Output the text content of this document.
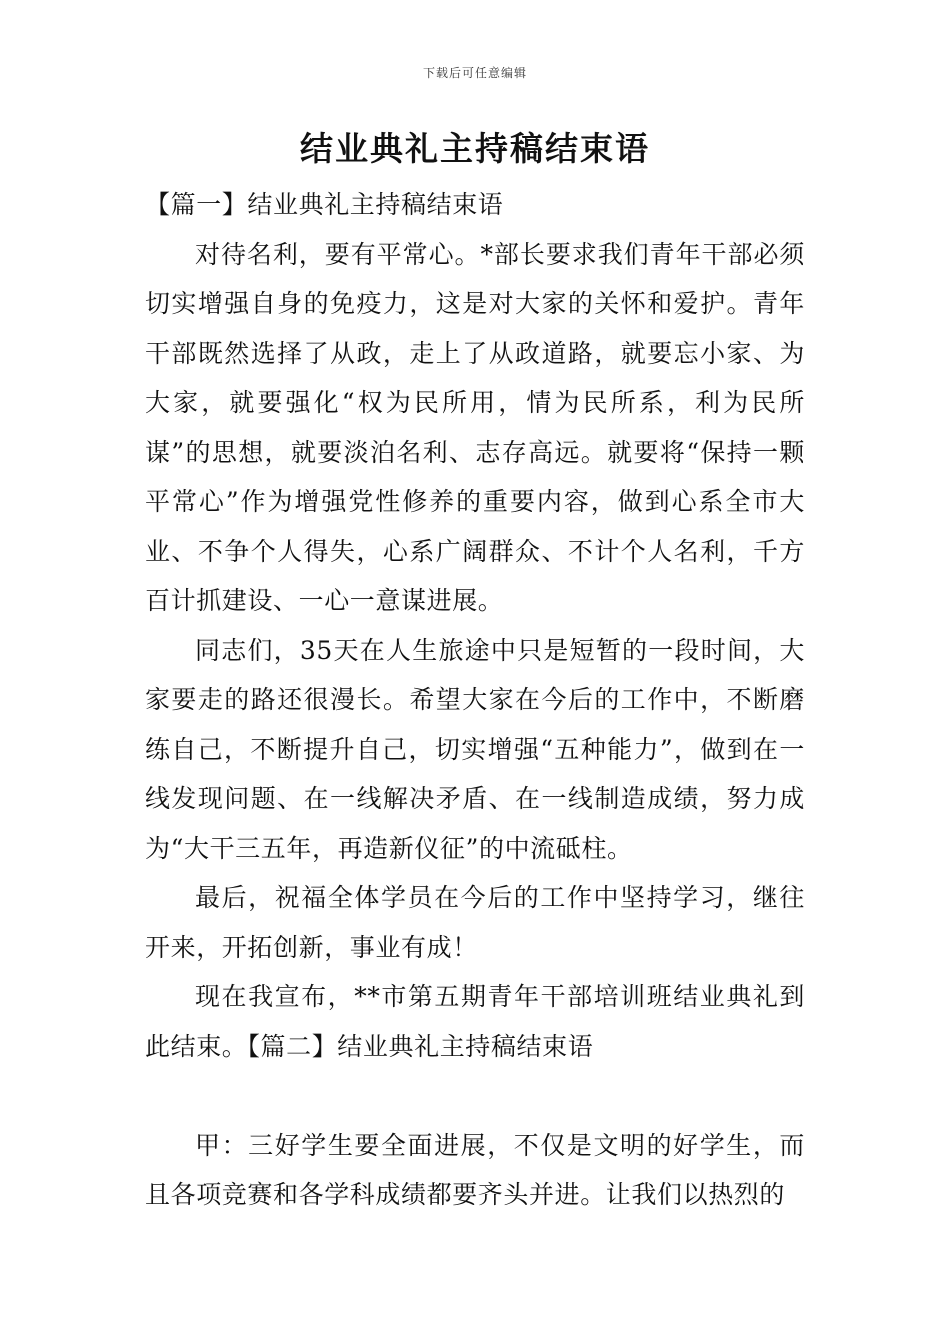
下载后可任意编辑
结业典礼主持稿结束语

【篇一】结业典礼主持稿结束语

对待名利，要有平常心。*部长要求我们青年干部必须切实增强自身的免疫力，这是对大家的关怀和爱护。青年干部既然选择了从政，走上了从政道路，就要忘小家、为大家，就要强化“权为民所用，情为民所系，利为民所谋”的思想，就要淡泊名利、志存高远。就要将“保持一颗平常心”作为增强党性修养的重要内容，做到心系全市大业、不争个人得失，心系广阔群众、不计个人名利，千方百计抓建设、一心一意谋进展。

同志们，35天在人生旅途中只是短暂的一段时间，大家要走的路还很漫长。希望大家在今后的工作中，不断磨练自己，不断提升自己，切实增强“五种能力”，做到在一线发现问题、在一线解决矛盾、在一线制造成绩，努力成为“大干三五年，再造新仪征”的中流砥柱。

最后，祝福全体学员在今后的工作中坚持学习，继往开来，开拓创新，事业有成！

现在我宣布，**市第五期青年干部培训班结业典礼到此结束。【篇二】结业典礼主持稿结束语

甲：三好学生要全面进展，不仅是文明的好学生，而且各项竞赛和各学科成绩都要齐头并进。让我们以热烈的
